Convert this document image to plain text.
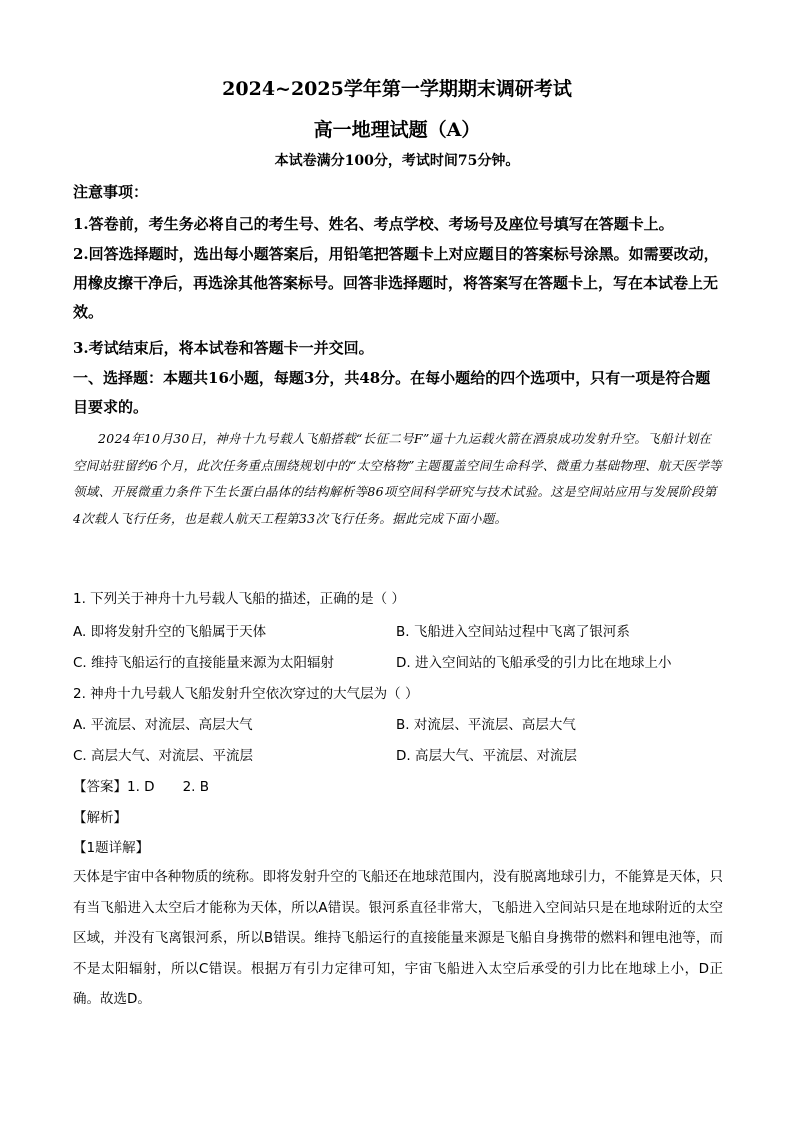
2024~2025学年第一学期期末调研考试
高一地理试题（A）
本试卷满分100分，考试时间75分钟。
注意事项：
1.答卷前，考生务必将自己的考生号、姓名、考点学校、考场号及座位号填写在答题卡上。
2.回答选择题时，选出每小题答案后，用铅笔把答题卡上对应题目的答案标号涂黑。如需要改动，用橡皮擦干净后，再选涂其他答案标号。回答非选择题时，将答案写在答题卡上，写在本试卷上无效。
3.考试结束后，将本试卷和答题卡一并交回。
一、选择题：本题共16小题，每题3分，共48分。在每小题给的四个选项中，只有一项是符合题目要求的。
2024年10月30日，神舟十九号载人飞船搭载“长征二号F”遥十九运载火箭在酒泉成功发射升空。飞船计划在空间站驻留约6个月，此次任务重点围绕规划中的“太空格物”主题覆盖空间生命科学、微重力基础物理、航天医学等领域、开展微重力条件下生长蛋白晶体的结构解析等86项空间科学研究与技术试验。这是空间站应用与发展阶段第4次载人飞行任务，也是载人航天工程第33次飞行任务。据此完成下面小题。
1. 下列关于神舟十九号载人飞船的描述，正确的是（ ）
A. 即将发射升空的飞船属于天体	B. 飞船进入空间站过程中飞离了银河系
C. 维持飞船运行的直接能量来源为太阳辐射	D. 进入空间站的飞船承受的引力比在地球上小
2. 神舟十九号载人飞船发射升空依次穿过的大气层为（ ）
A. 平流层、对流层、高层大气	B. 对流层、平流层、高层大气
C. 高层大气、对流层、平流层	D. 高层大气、平流层、对流层
【答案】1. D 2. B
【解析】
【1题详解】
天体是宇宙中各种物质的统称。即将发射升空的飞船还在地球范围内，没有脱离地球引力，不能算是天体，只有当飞船进入太空后才能称为天体，所以A错误。银河系直径非常大，飞船进入空间站只是在地球附近的太空区域，并没有飞离银河系，所以B错误。维持飞船运行的直接能量来源是飞船自身携带的燃料和锂电池等，而不是太阳辐射，所以C错误。根据万有引力定律可知，宇宙飞船进入太空后承受的引力比在地球上小，D正确。故选D。
